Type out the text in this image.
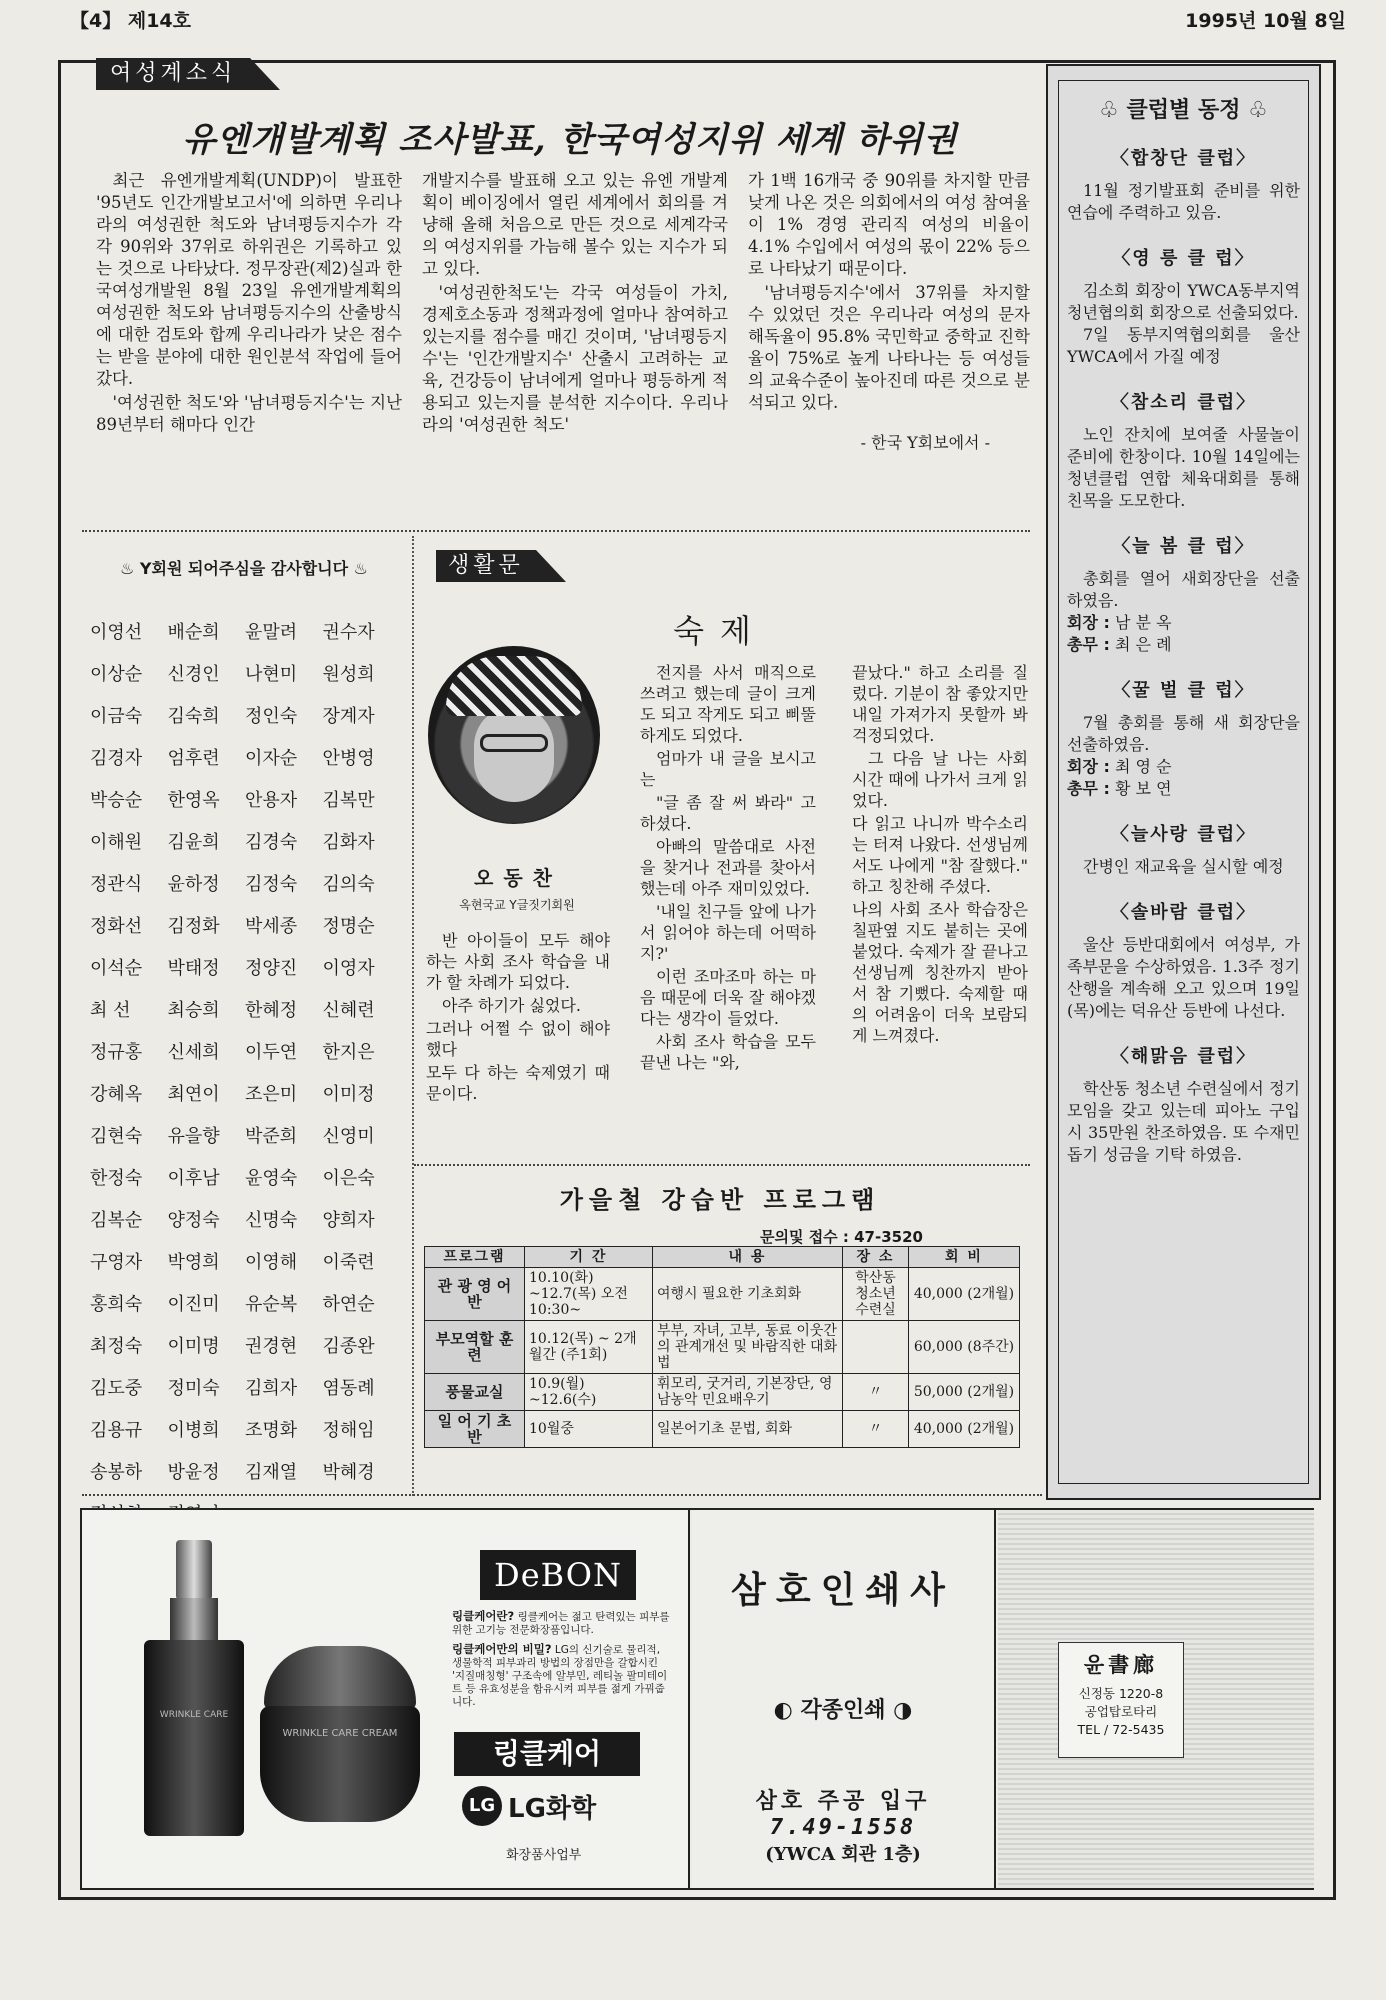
【4】 제14호	1995년 10월 8일
여성계소식
유엔개발계획 조사발표, 한국여성지위 세계 하위권

최근 유엔개발계획(UNDP)이 발표한 '95년도 인간개발보고서'에 의하면 우리나라의 여성권한 척도와 남녀평등지수가 각각 90위와 37위로 하위권은 기록하고 있는 것으로 나타났다. 정무장관(제2)실과 한국여성개발원 8월 23일 유엔개발계획의 여성권한 척도와 남녀평등지수의 산출방식에 대한 검토와 합께 우리나라가 낮은 점수는 받을 분야에 대한 원인분석 작업에 들어갔다.

'여성권한 척도'와 '남녀평등지수'는 지난 89년부터 해마다 인간

개발지수를 발표해 오고 있는 유엔 개발계획이 베이징에서 열린 세계에서 회의를 겨냥해 올해 처음으로 만든 것으로 세계각국의 여성지위를 가늠해 볼수 있는 지수가 되고 있다.

'여성권한척도'는 각국 여성들이 가치, 경제호소동과 정책과정에 얼마나 참여하고 있는지를 점수를 매긴 것이며, '남녀평등지수'는 '인간개발지수' 산출시 고려하는 교육, 건강등이 남녀에게 얼마나 평등하게 적용되고 있는지를 분석한 지수이다. 우리나라의 '여성권한 척도'

가 1백 16개국 중 90위를 차지할 만큼 낮게 나온 것은 의회에서의 여성 참여율이 1% 경영 관리직 여성의 비율이 4.1% 수입에서 여성의 몫이 22% 등으로 나타났기 때문이다.

'남녀평등지수'에서 37위를 차지할 수 있었던 것은 우리나라 여성의 문자 해독율이 95.8% 국민학교 중학교 진학율이 75%로 높게 나타나는 등 여성들의 교육수준이 높아진데 따른 것으로 분석되고 있다.

- 한국 Y회보에서 -

♧ 클럽별 동정 ♧
〈합창단 클럽〉
11월 정기발표회 준비를 위한 연습에 주력하고 있음.
〈영 릉 클 럽〉
김소희 회장이 YWCA동부지역 청년협의회 회장으로 선출되었다.
7일 동부지역협의회를 울산 YWCA에서 가질 예정
〈참소리 클럽〉
노인 잔치에 보여줄 사물놀이 준비에 한창이다. 10월 14일에는 청년클럽 연합 체육대회를 통해 친목을 도모한다.
〈늘 봄 클 럽〉
총회를 열어 새회장단을 선출 하였음.
회장 : 남 분 옥
총무 : 최 은 례
〈꿀 벌 클 럽〉
7월 총회를 통해 새 회장단을 선출하였음.
회장 : 최 영 순
총무 : 황 보 연
〈늘사랑 클럽〉
간병인 재교육을 실시할 예정
〈솔바람 클럽〉
울산 등반대회에서 여성부, 가족부문을 수상하였음. 1.3주 정기 산행을 계속해 오고 있으며 19일(목)에는 덕유산 등반에 나선다.
〈해맑음 클럽〉
학산동 청소년 수련실에서 정기모임을 갖고 있는데 피아노 구입시 35만원 찬조하였음. 또 수재민 돕기 성금을 기탁 하였음.
♨ Y회원 되어주심을 감사합니다 ♨
이영선	배순희	윤말려	권수자
이상순	신경인	나현미	원성희
이금숙	김숙희	정인숙	장계자
김경자	엄후련	이자순	안병영
박승순	한영옥	안용자	김복만
이해원	김윤희	김경숙	김화자
정관식	윤하정	김정숙	김의숙
정화선	김정화	박세종	정명순
이석순	박태정	정양진	이영자
최 선	최승희	한혜정	신혜련
정규홍	신세희	이두연	한지은
강혜옥	최연이	조은미	이미정
김현숙	유을향	박준희	신영미
한정숙	이후남	윤영숙	이은숙
김복순	양정숙	신명숙	양희자
구영자	박영희	이영해	이죽련
홍희숙	이진미	유순복	하연순
최정숙	이미명	권경현	김종완
김도중	정미숙	김희자	염동례
김용규	이병희	조명화	정해임
송봉하	방윤정	김재열	박혜경
생활문
숙제
오동찬
옥현국교 Y글짓기회원

반 아이들이 모두 해야 하는 사회 조사 학습을 내가 할 차례가 되었다.

아주 하기가 싫었다.

그러나 어쩔 수 없이 해야 했다

모두 다 하는 숙제였기 때문이다.

전지를 사서 매직으로 쓰려고 했는데 글이 크게도 되고 작게도 되고 삐뚤하게도 되었다.

엄마가 내 글을 보시고는

"글 좀 잘 써 봐라" 고 하셨다.

아빠의 말씀대로 사전을 찾거나 전과를 찾아서 했는데 아주 재미있었다.

'내일 친구들 앞에 나가서 읽어야 하는데 어떡하지?'

이런 조마조마 하는 마음 때문에 더욱 잘 해야겠다는 생각이 들었다.

사회 조사 학습을 모두 끝낸 나는 "와,

끝났다." 하고 소리를 질렀다. 기분이 참 좋았지만 내일 가져가지 못할까 봐 걱정되었다.

그 다음 날 나는 사회 시간 때에 나가서 크게 읽었다.

다 읽고 나니까 박수소리는 터져 나왔다. 선생님께서도 나에게 "참 잘했다." 하고 칭찬해 주셨다.

나의 사회 조사 학습장은 칠판옆 지도 붙히는 곳에 붙었다. 숙제가 잘 끝나고 선생님께 칭찬까지 받아서 참 기뻤다. 숙제할 때의 어려움이 더욱 보람되게 느껴졌다.

가을철 강습반 프로그램
문의및 접수 : 47-3520
프로그램	기 간	내 용	장 소	회 비
관 광 영 어 반	10.10(화) ~12.7(목) 오전 10:30~	여행시 필요한 기초회화	학산동 청소년 수련실	40,000 (2개월)
부모역할 훈 련	10.12(목) ~ 2개월간 (주1회)	부부, 자녀, 고부, 동료 이웃간의 관계개선 및 바람직한 대화법		60,000 (8주간)
풍물교실	10.9(월) ~12.6(수)	휘모리, 굿거리, 기본장단, 영남농악 민요배우기	〃	50,000 (2개월)
일 어 기 초 반	10월중	일본어기초 문법, 회화	〃	40,000 (2개월)
WRINKLE CARE
WRINKLE CARE CREAM
DeBON
링클케어란? 링클케어는 젊고 탄력있는 피부를 위한 고기능 전문화장품입니다.
링클케어만의 비밀? LG의 신기술로 물리적, 생물학적 피부과리 방법의 장점만을 갈합시킨 '지질매칭형' 구조속에 알부민, 레티놀 팔미테이트 등 유효성분을 함유시켜 피부를 젊게 가꿔줍니다.
링클케어
LG LG화학
화장품사업부
삼호인쇄사
◐ 각종인쇄 ◑
삼호 주공 입구
7.49-1558
(YWCA 회관 1층)
윤書廊
신정동 1220-8
공업탑로타리
TEL / 72-5435
